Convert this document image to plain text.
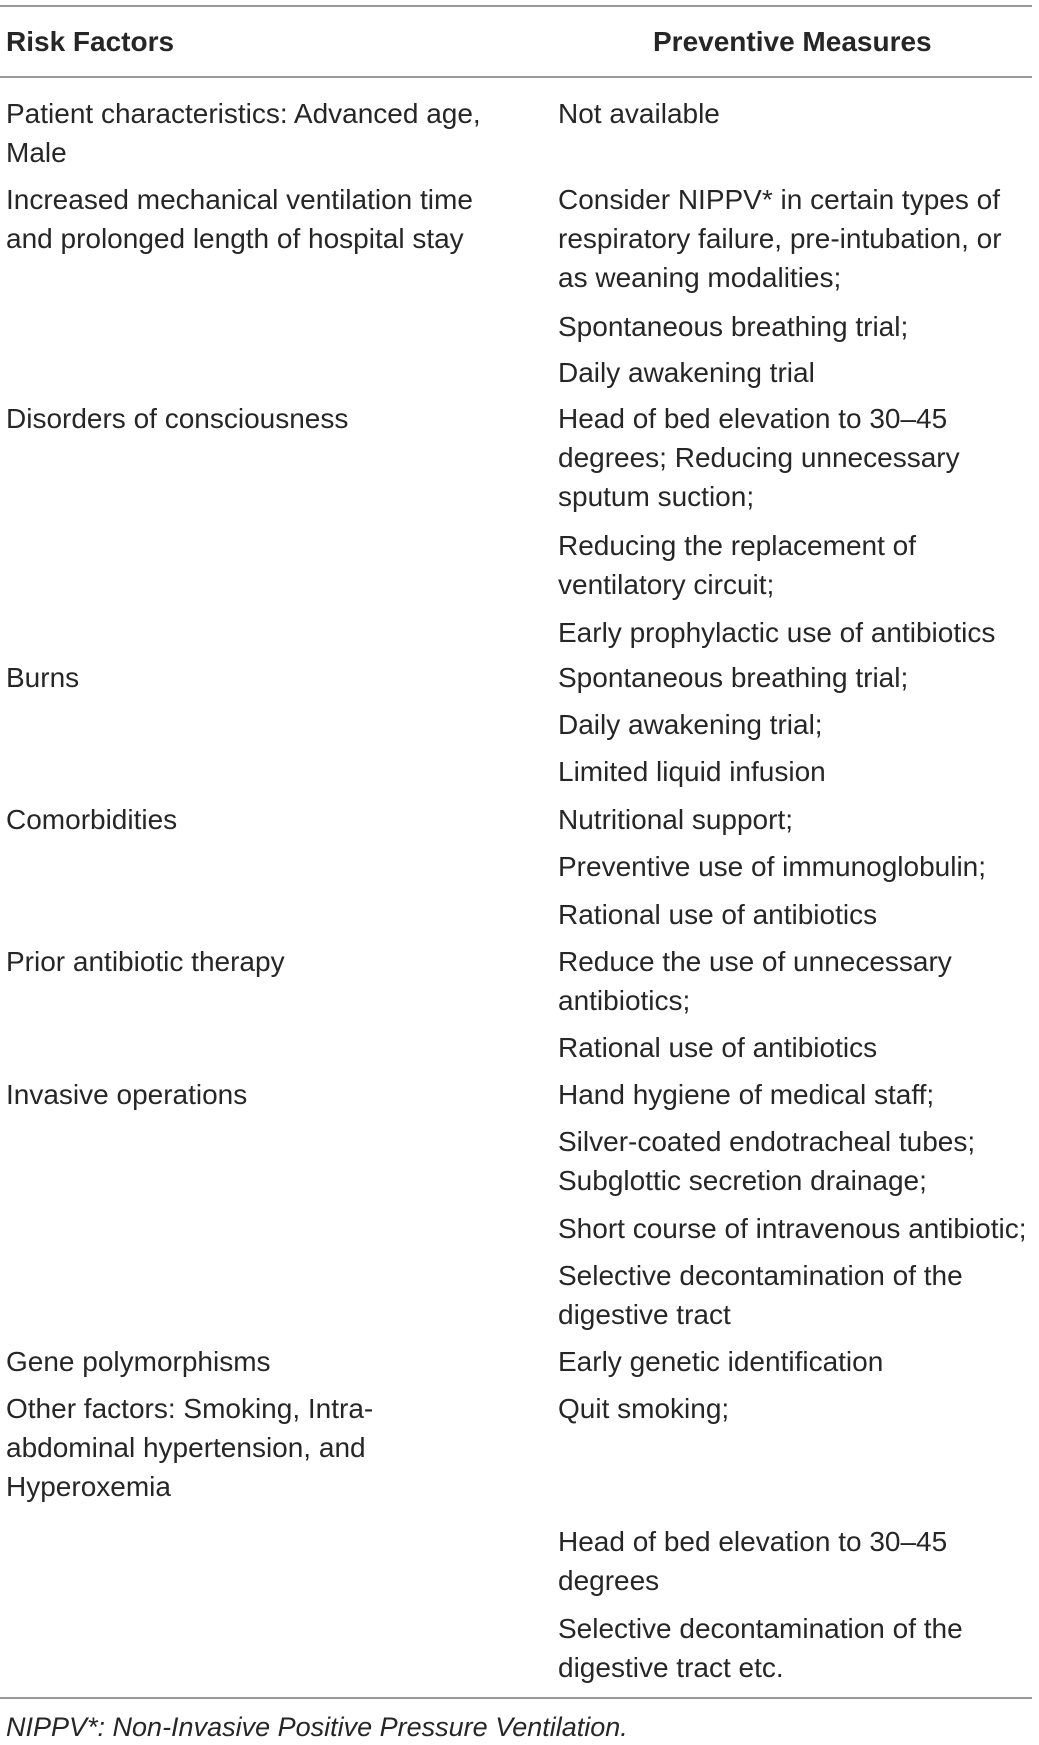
Risk Factors	Preventive Measures
Patient characteristics: Advanced age,
Male
Increased mechanical ventilation time
and prolonged length of hospital stay
Disorders of consciousness
Burns
Comorbidities
Prior antibiotic therapy
Invasive operations
Gene polymorphisms
Other factors: Smoking, Intra-
abdominal hypertension, and
Hyperoxemia
Not available
Consider NIPPV* in certain types of
respiratory failure, pre-intubation, or
as weaning modalities;
Spontaneous breathing trial;
Daily awakening trial
Head of bed elevation to 30–45
degrees; Reducing unnecessary
sputum suction;
Reducing the replacement of
ventilatory circuit;
Early prophylactic use of antibiotics
Spontaneous breathing trial;
Daily awakening trial;
Limited liquid infusion
Nutritional support;
Preventive use of immunoglobulin;
Rational use of antibiotics
Reduce the use of unnecessary
antibiotics;
Rational use of antibiotics
Hand hygiene of medical staff;
Silver-coated endotracheal tubes;
Subglottic secretion drainage;
Short course of intravenous antibiotic;
Selective decontamination of the
digestive tract
Early genetic identification
Quit smoking;
Head of bed elevation to 30–45
degrees
Selective decontamination of the
digestive tract etc.
NIPPV*: Non-Invasive Positive Pressure Ventilation.
